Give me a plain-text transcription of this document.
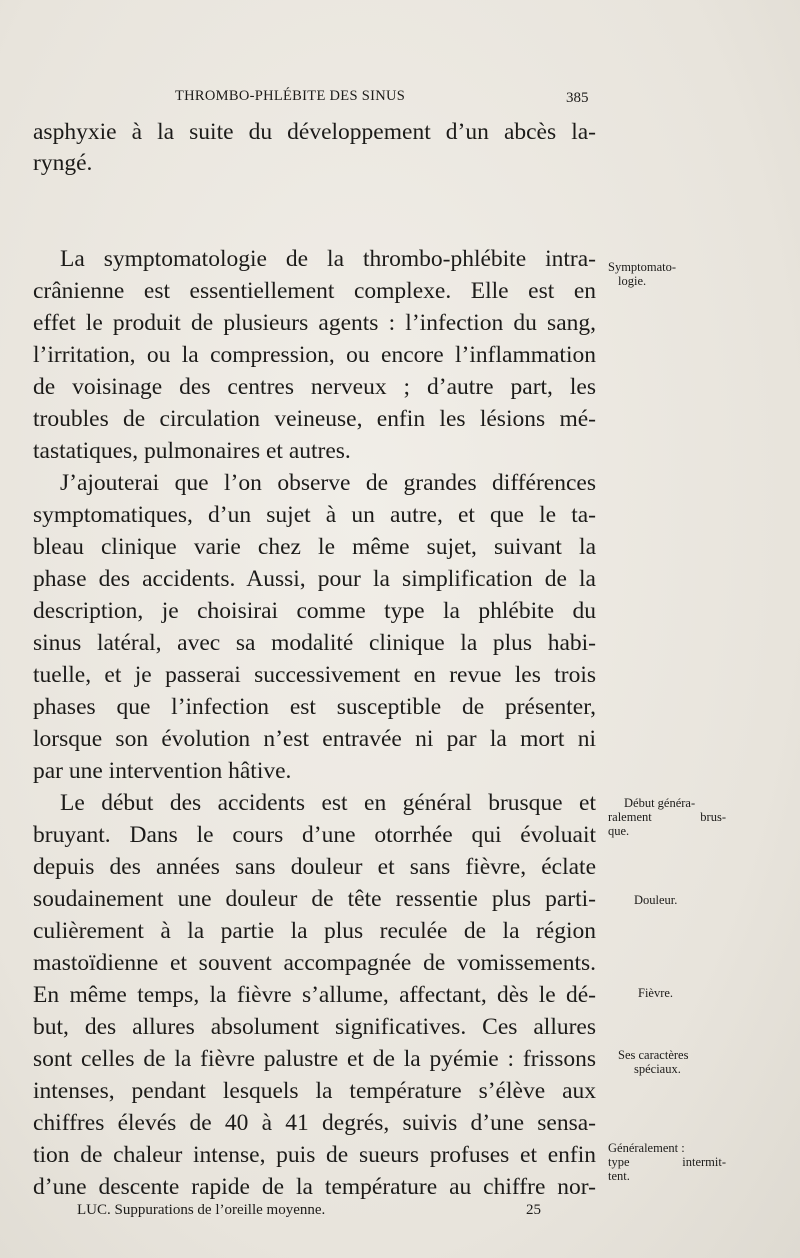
THROMBO-PHLÉBITE DES SINUS	385
asphyxie à la suite du développement d’un abcès la-
ryngé.
La symptomatologie de la thrombo-phlébite intra-
crânienne est essentiellement complexe. Elle est en
effet le produit de plusieurs agents : l’infection du sang,
l’irritation, ou la compression, ou encore l’inflammation
de voisinage des centres nerveux ; d’autre part, les
troubles de circulation veineuse, enfin les lésions mé-
tastatiques, pulmonaires et autres.
J’ajouterai que l’on observe de grandes différences
symptomatiques, d’un sujet à un autre, et que le ta-
bleau clinique varie chez le même sujet, suivant la
phase des accidents. Aussi, pour la simplification de la
description, je choisirai comme type la phlébite du
sinus latéral, avec sa modalité clinique la plus habi-
tuelle, et je passerai successivement en revue les trois
phases que l’infection est susceptible de présenter,
lorsque son évolution n’est entravée ni par la mort ni
par une intervention hâtive.
Le début des accidents est en général brusque et
bruyant. Dans le cours d’une otorrhée qui évoluait
depuis des années sans douleur et sans fièvre, éclate
soudainement une douleur de tête ressentie plus parti-
culièrement à la partie la plus reculée de la région
mastoïdienne et souvent accompagnée de vomissements.
En même temps, la fièvre s’allume, affectant, dès le dé-
but, des allures absolument significatives. Ces allures
sont celles de la fièvre palustre et de la pyémie : frissons
intenses, pendant lesquels la température s’élève aux
chiffres élevés de 40 à 41 degrés, suivis d’une sensa-
tion de chaleur intense, puis de sueurs profuses et enfin
d’une descente rapide de la température au chiffre nor-
Symptomato-
logie.
Début généra-
ralement brus-
que.
Douleur.
Fièvre.
Ses caractères
spéciaux.
Généralement :
type intermit-
tent.
LUC. Suppurations de l’oreille moyenne.	25
